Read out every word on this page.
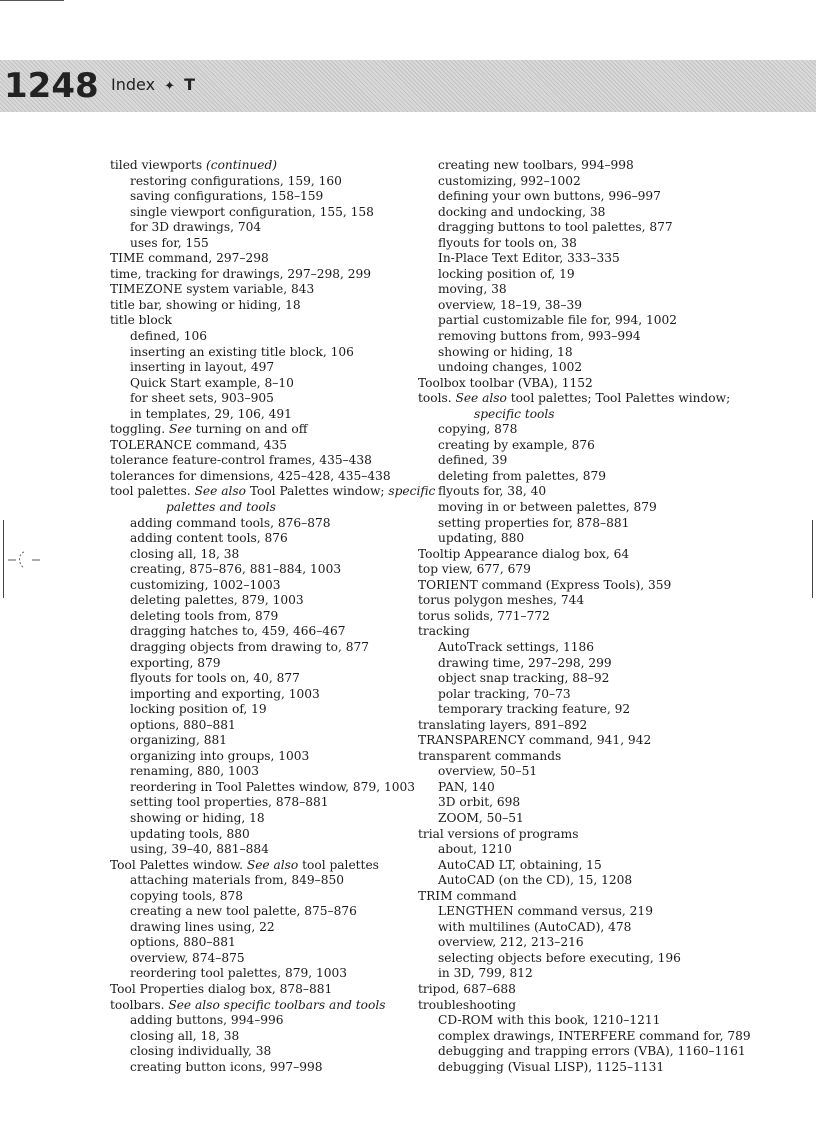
1248 Index ✦ T
tiled viewports (continued)
restoring configurations, 159, 160
saving configurations, 158–159
single viewport configuration, 155, 158
for 3D drawings, 704
uses for, 155
TIME command, 297–298
time, tracking for drawings, 297–298, 299
TIMEZONE system variable, 843
title bar, showing or hiding, 18
title block
defined, 106
inserting an existing title block, 106
inserting in layout, 497
Quick Start example, 8–10
for sheet sets, 903–905
in templates, 29, 106, 491
toggling. See turning on and off
TOLERANCE command, 435
tolerance feature-control frames, 435–438
tolerances for dimensions, 425–428, 435–438
tool palettes. See also Tool Palettes window; specific
palettes and tools
adding command tools, 876–878
adding content tools, 876
closing all, 18, 38
creating, 875–876, 881–884, 1003
customizing, 1002–1003
deleting palettes, 879, 1003
deleting tools from, 879
dragging hatches to, 459, 466–467
dragging objects from drawing to, 877
exporting, 879
flyouts for tools on, 40, 877
importing and exporting, 1003
locking position of, 19
options, 880–881
organizing, 881
organizing into groups, 1003
renaming, 880, 1003
reordering in Tool Palettes window, 879, 1003
setting tool properties, 878–881
showing or hiding, 18
updating tools, 880
using, 39–40, 881–884
Tool Palettes window. See also tool palettes
attaching materials from, 849–850
copying tools, 878
creating a new tool palette, 875–876
drawing lines using, 22
options, 880–881
overview, 874–875
reordering tool palettes, 879, 1003
Tool Properties dialog box, 878–881
toolbars. See also specific toolbars and tools
adding buttons, 994–996
closing all, 18, 38
closing individually, 38
creating button icons, 997–998
creating new toolbars, 994–998
customizing, 992–1002
defining your own buttons, 996–997
docking and undocking, 38
dragging buttons to tool palettes, 877
flyouts for tools on, 38
In-Place Text Editor, 333–335
locking position of, 19
moving, 38
overview, 18–19, 38–39
partial customizable file for, 994, 1002
removing buttons from, 993–994
showing or hiding, 18
undoing changes, 1002
Toolbox toolbar (VBA), 1152
tools. See also tool palettes; Tool Palettes window;
specific tools
copying, 878
creating by example, 876
defined, 39
deleting from palettes, 879
flyouts for, 38, 40
moving in or between palettes, 879
setting properties for, 878–881
updating, 880
Tooltip Appearance dialog box, 64
top view, 677, 679
TORIENT command (Express Tools), 359
torus polygon meshes, 744
torus solids, 771–772
tracking
AutoTrack settings, 1186
drawing time, 297–298, 299
object snap tracking, 88–92
polar tracking, 70–73
temporary tracking feature, 92
translating layers, 891–892
TRANSPARENCY command, 941, 942
transparent commands
overview, 50–51
PAN, 140
3D orbit, 698
ZOOM, 50–51
trial versions of programs
about, 1210
AutoCAD LT, obtaining, 15
AutoCAD (on the CD), 15, 1208
TRIM command
LENGTHEN command versus, 219
with multilines (AutoCAD), 478
overview, 212, 213–216
selecting objects before executing, 196
in 3D, 799, 812
tripod, 687–688
troubleshooting
CD-ROM with this book, 1210–1211
complex drawings, INTERFERE command for, 789
debugging and trapping errors (VBA), 1160–1161
debugging (Visual LISP), 1125–1131
